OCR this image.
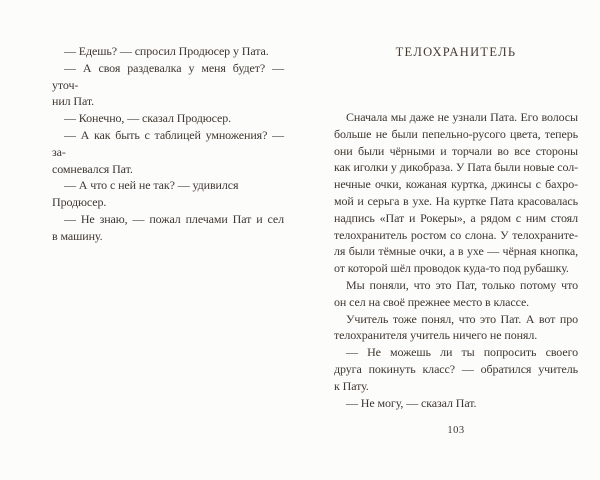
— Едешь? — спросил Продюсер у Пата.
— А своя раздевалка у меня будет? — уточ-
нил Пат.
— Конечно, — сказал Продюсер.
— А как быть с таблицей умножения? — за-
сомневался Пат.
— А что с ней не так? — удивился Продюсер.
— Не знаю, — пожал плечами Пат и сел
в машину.
ТЕЛОХРАНИТЕЛЬ
Сначала мы даже не узнали Пата. Его волосы
больше не были пепельно-русого цвета, теперь
они были чёрными и торчали во все стороны
как иголки у дикобраза. У Пата были новые сол-
нечные очки, кожаная куртка, джинсы с бахро-
мой и серьга в ухе. На куртке Пата красовалась
надпись «Пат и Рокеры», а рядом с ним стоял
телохранитель ростом со слона. У телохраните-
ля были тёмные очки, а в ухе — чёрная кнопка,
от которой шёл проводок куда-то под рубашку.
Мы поняли, что это Пат, только потому что
он сел на своё прежнее место в классе.
Учитель тоже понял, что это Пат. А вот про
телохранителя учитель ничего не понял.
— Не можешь ли ты попросить своего
друга покинуть класс? — обратился учитель
к Пату.
— Не могу, — сказал Пат.
103
